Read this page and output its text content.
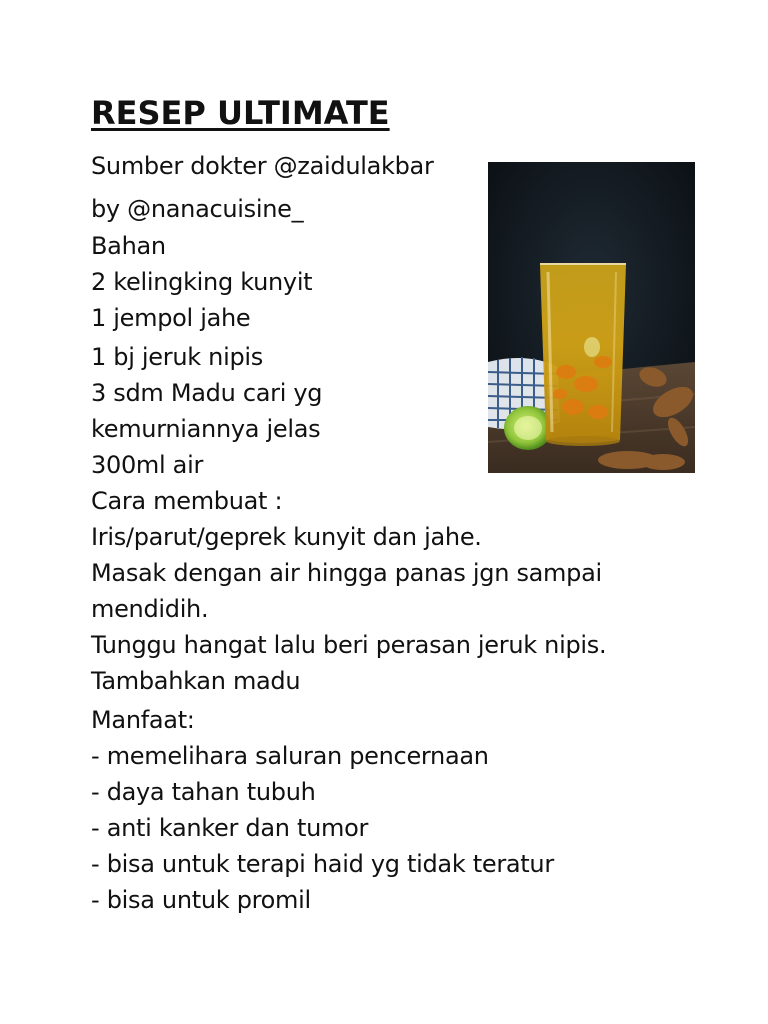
RESEP ULTIMATE
Sumber dokter @zaidulakbar
by @nanacuisine_
Bahan
2 kelingking kunyit
1 jempol jahe
1 bj jeruk nipis
3 sdm Madu cari yg
kemurniannya jelas
300ml air
Cara membuat :
Iris/parut/geprek kunyit dan jahe.
Masak dengan air hingga panas jgn sampai
mendidih.
Tunggu hangat lalu beri perasan jeruk nipis.
Tambahkan madu
Manfaat:
- memelihara saluran pencernaan
- daya tahan tubuh
- anti kanker dan tumor
- bisa untuk terapi haid yg tidak teratur
- bisa untuk promil
